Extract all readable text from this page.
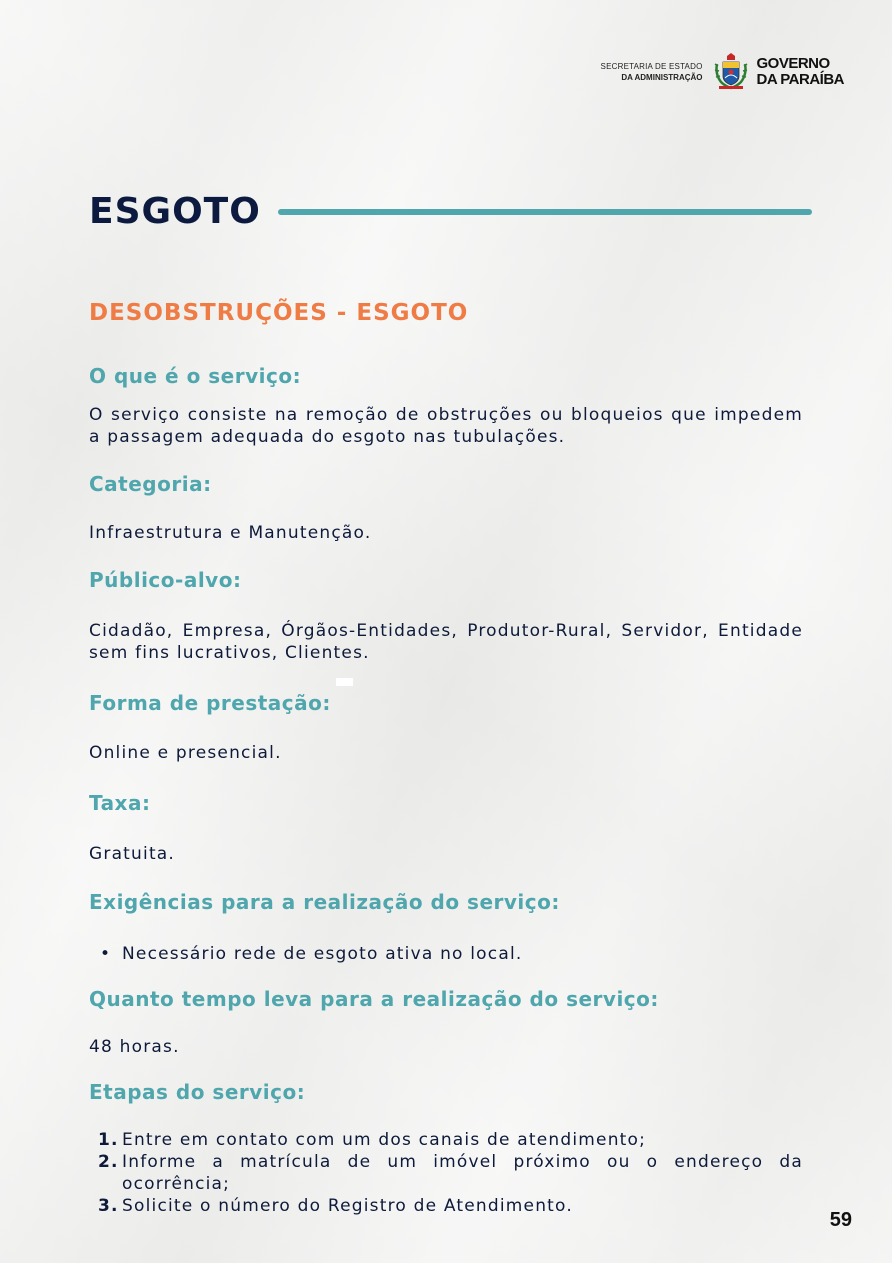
SECRETARIA DE ESTADO
DA ADMINISTRAÇÃO
GOVERNO
DA PARAÍBA
ESGOTO
DESOBSTRUÇÕES - ESGOTO
O que é o serviço:
O serviço consiste na remoção de obstruções ou bloqueios que impedem a passagem adequada do esgoto nas tubulações.
Categoria:
Infraestrutura e Manutenção.
Público-alvo:
Cidadão, Empresa, Órgãos-Entidades, Produtor-Rural, Servidor, Entidade sem fins lucrativos, Clientes.
Forma de prestação:
Online e presencial.
Taxa:
Gratuita.
Exigências para a realização do serviço:
• Necessário rede de esgoto ativa no local.
Quanto tempo leva para a realização do serviço:
48 horas.
Etapas do serviço:
1. Entre em contato com um dos canais de atendimento;
2. Informe a matrícula de um imóvel próximo ou o endereço da ocorrência;
3. Solicite o número do Registro de Atendimento.
59
